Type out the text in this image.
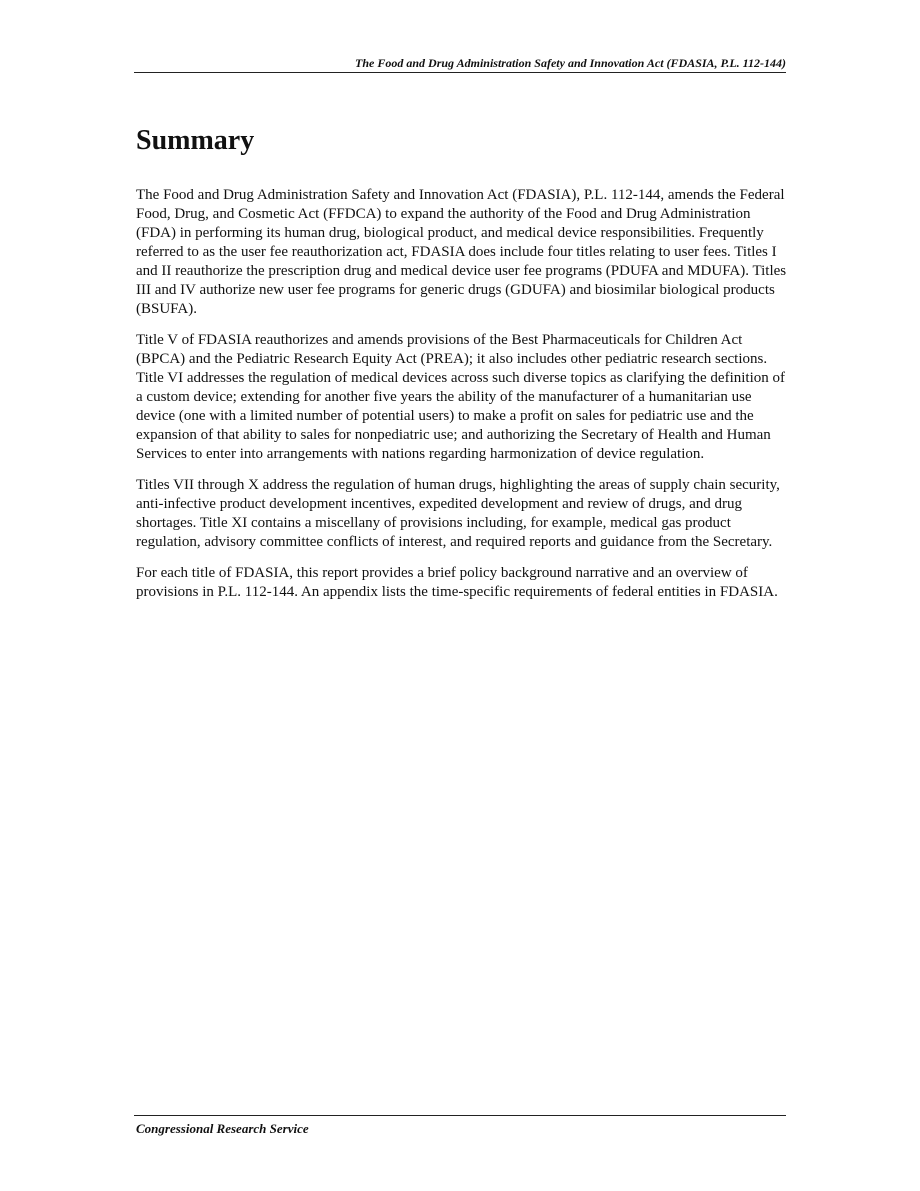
The Food and Drug Administration Safety and Innovation Act (FDASIA, P.L. 112-144)
Summary

The Food and Drug Administration Safety and Innovation Act (FDASIA), P.L. 112-144, amends the Federal Food, Drug, and Cosmetic Act (FFDCA) to expand the authority of the Food and Drug Administration (FDA) in performing its human drug, biological product, and medical device responsibilities. Frequently referred to as the user fee reauthorization act, FDASIA does include four titles relating to user fees. Titles I and II reauthorize the prescription drug and medical device user fee programs (PDUFA and MDUFA). Titles III and IV authorize new user fee programs for generic drugs (GDUFA) and biosimilar biological products (BSUFA).

Title V of FDASIA reauthorizes and amends provisions of the Best Pharmaceuticals for Children Act (BPCA) and the Pediatric Research Equity Act (PREA); it also includes other pediatric research sections. Title VI addresses the regulation of medical devices across such diverse topics as clarifying the definition of a custom device; extending for another five years the ability of the manufacturer of a humanitarian use device (one with a limited number of potential users) to make a profit on sales for pediatric use and the expansion of that ability to sales for nonpediatric use; and authorizing the Secretary of Health and Human Services to enter into arrangements with nations regarding harmonization of device regulation.

Titles VII through X address the regulation of human drugs, highlighting the areas of supply chain security, anti-infective product development incentives, expedited development and review of drugs, and drug shortages. Title XI contains a miscellany of provisions including, for example, medical gas product regulation, advisory committee conflicts of interest, and required reports and guidance from the Secretary.

For each title of FDASIA, this report provides a brief policy background narrative and an overview of provisions in P.L. 112-144. An appendix lists the time-specific requirements of federal entities in FDASIA.

Congressional Research Service
